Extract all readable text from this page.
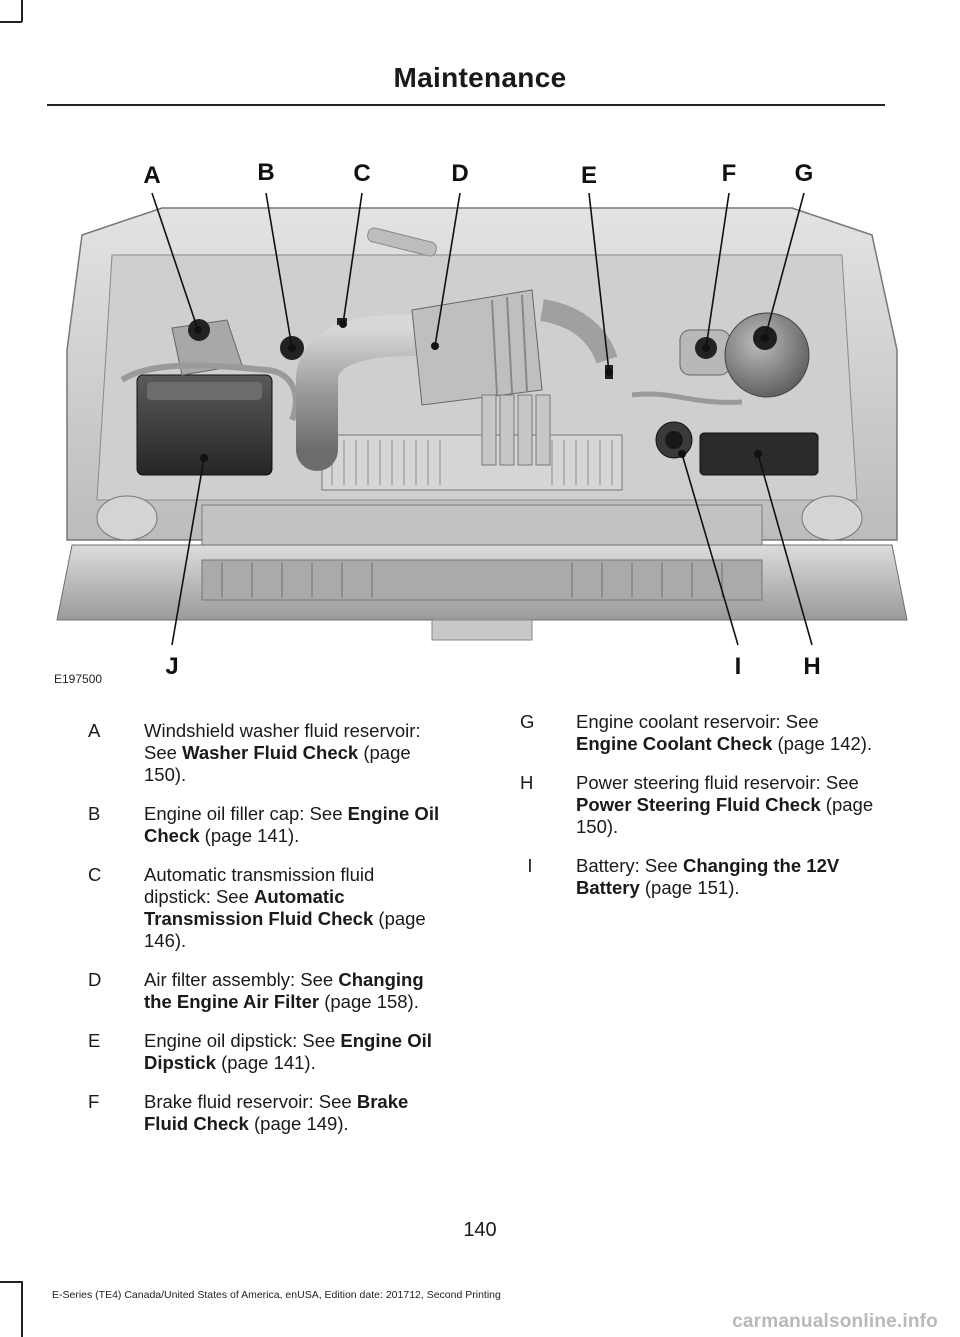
Maintenance
A	B	C	D	E	F G
J	I	H
E197500
A	Windshield washer fluid reservoir: See Washer Fluid Check (page 150).
B	Engine oil filler cap: See Engine Oil Check (page 141).
C	Automatic transmission fluid dipstick: See Automatic Transmission Fluid Check (page 146).
D	Air filter assembly: See Changing the Engine Air Filter (page 158).
E	Engine oil dipstick: See Engine Oil Dipstick (page 141).
F	Brake fluid reservoir: See Brake Fluid Check (page 149).
G	Engine coolant reservoir: See Engine Coolant Check (page 142).
H	Power steering fluid reservoir: See Power Steering Fluid Check (page 150).
I	Battery: See Changing the 12V Battery (page 151).
140
E-Series (TE4) Canada/United States of America, enUSA, Edition date: 201712, Second Printing
carmanualsonline.info
